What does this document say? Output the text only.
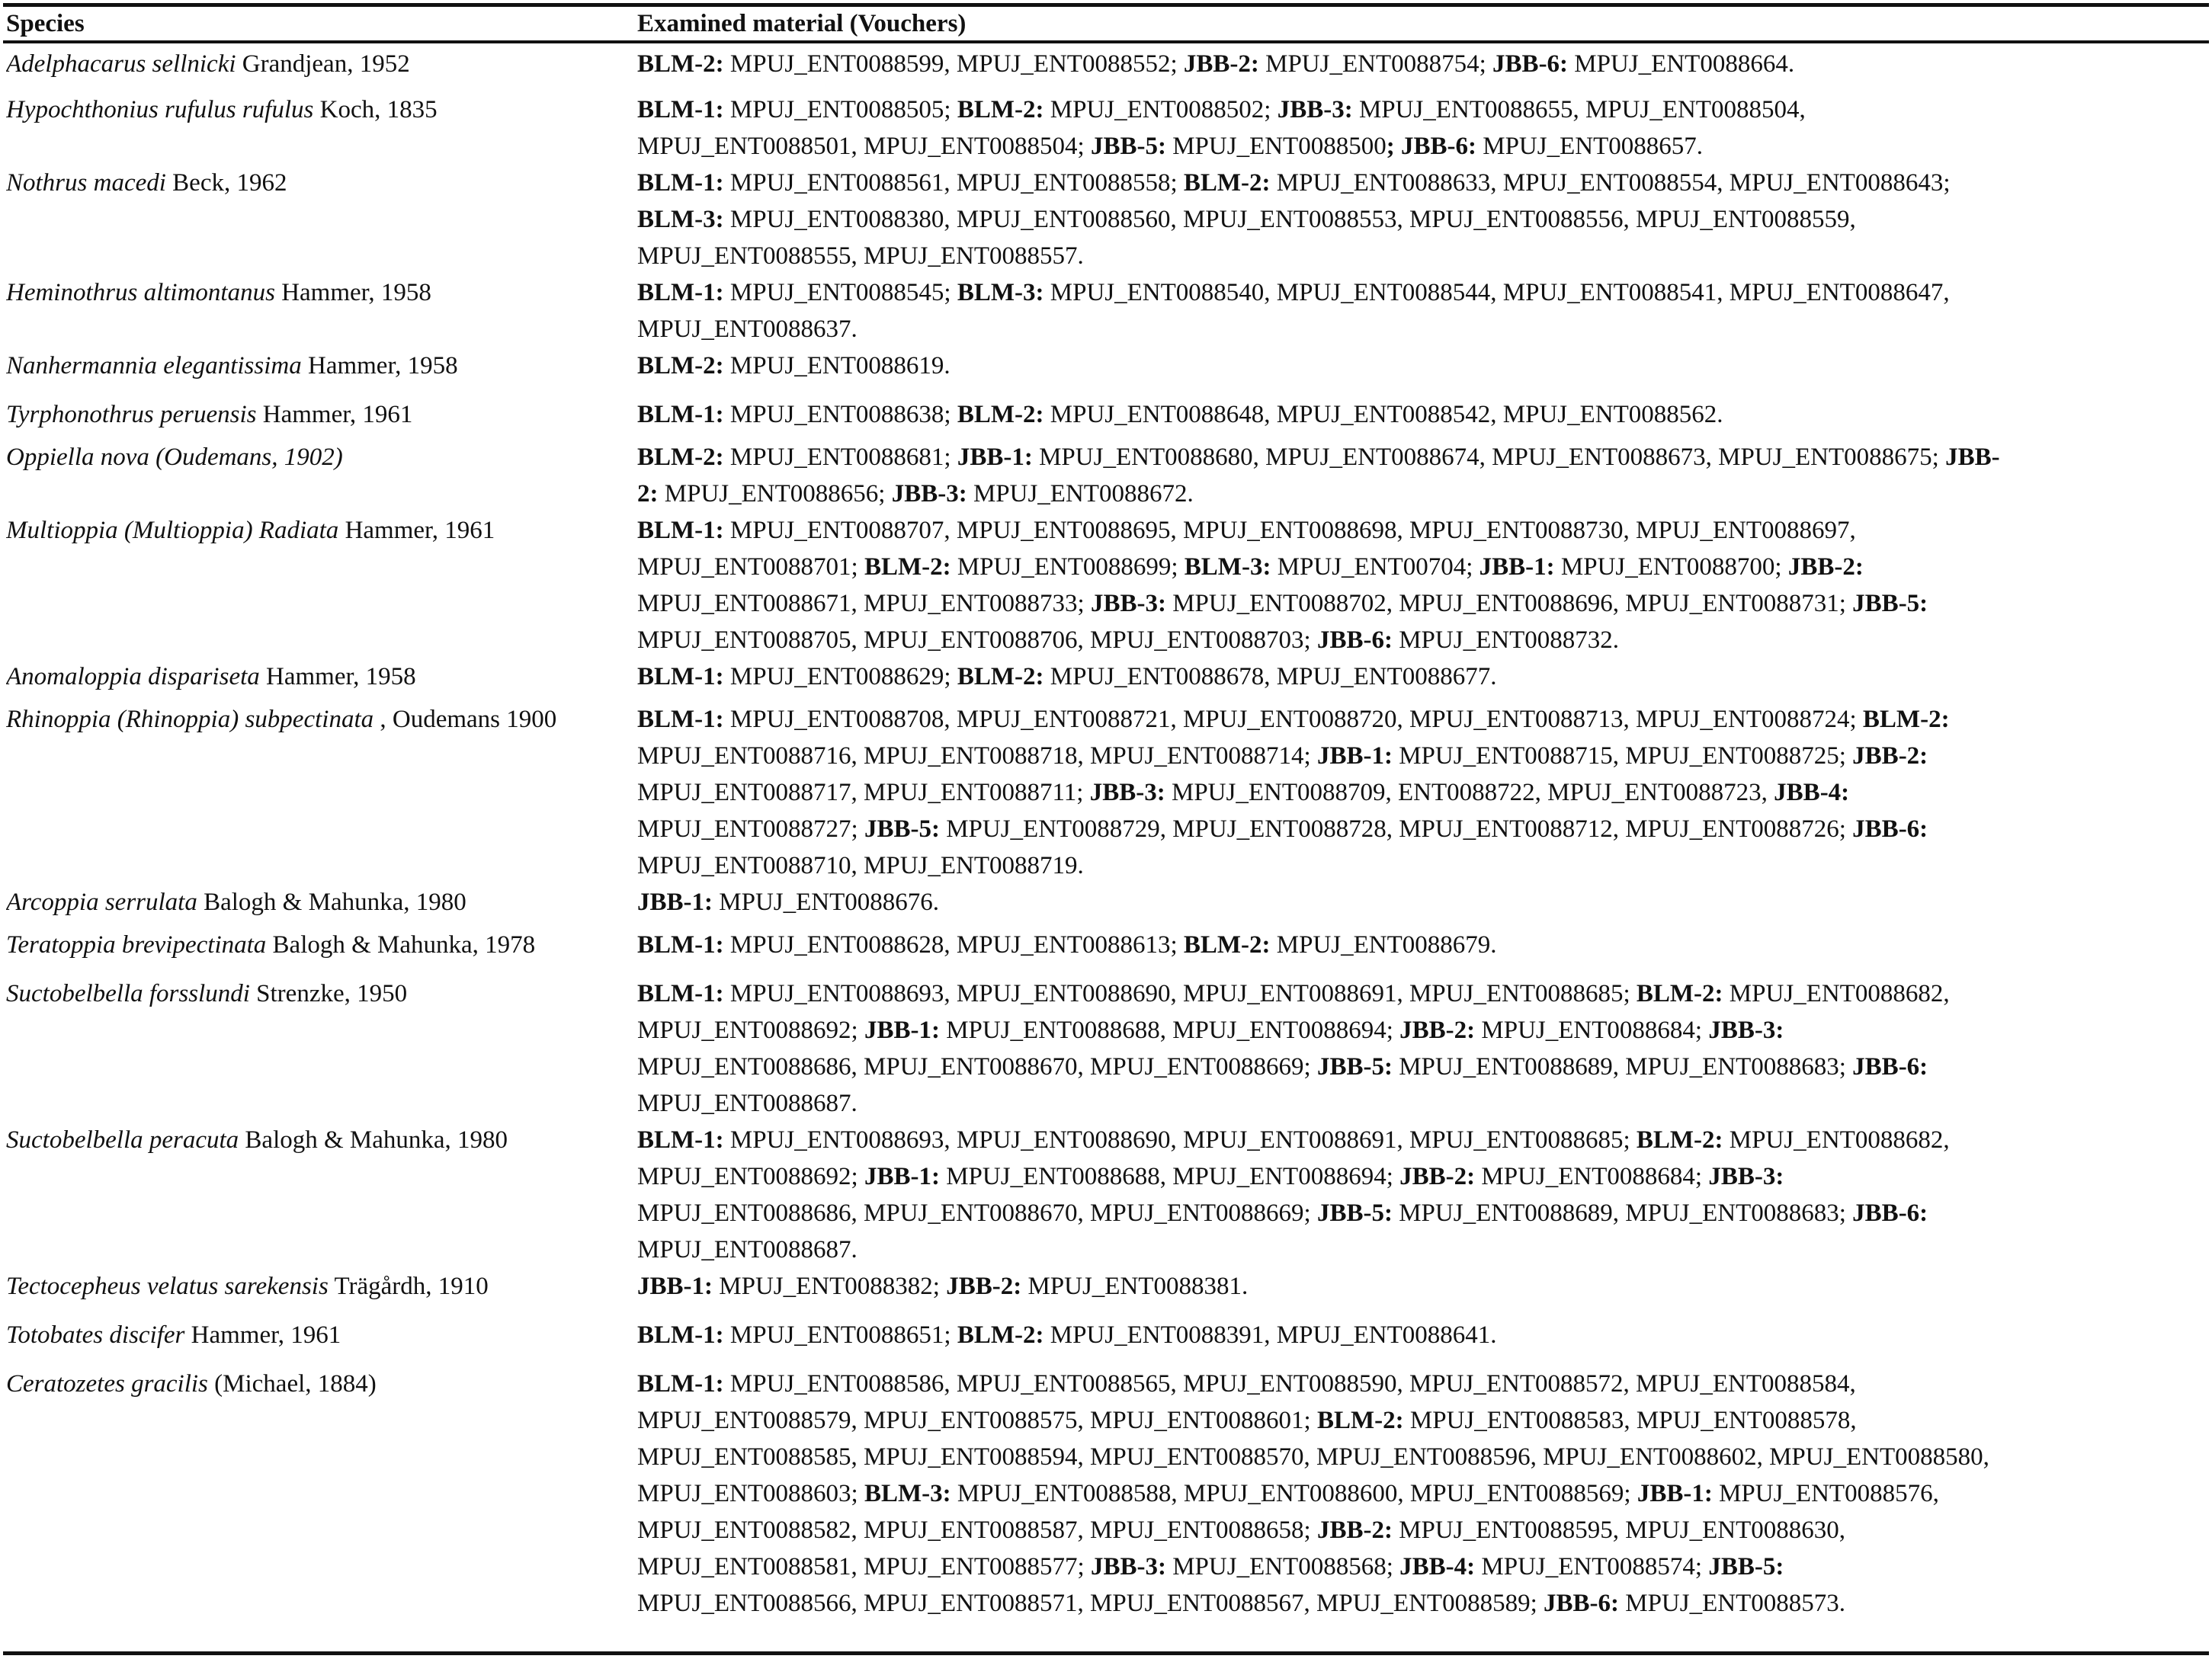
Species	Examined material (Vouchers)
Adelphacarus sellnicki Grandjean, 1952	BLM-2: MPUJ_ENT0088599, MPUJ_ENT0088552; JBB-2: MPUJ_ENT0088754; JBB-6: MPUJ_ENT0088664.
Hypochthonius rufulus rufulus Koch, 1835	BLM-1: MPUJ_ENT0088505; BLM-2: MPUJ_ENT0088502; JBB-3: MPUJ_ENT0088655, MPUJ_ENT0088504,
MPUJ_ENT0088501, MPUJ_ENT0088504; JBB-5: MPUJ_ENT0088500; JBB-6: MPUJ_ENT0088657.
Nothrus macedi Beck, 1962	BLM-1: MPUJ_ENT0088561, MPUJ_ENT0088558; BLM-2: MPUJ_ENT0088633, MPUJ_ENT0088554, MPUJ_ENT0088643;
BLM-3: MPUJ_ENT0088380, MPUJ_ENT0088560, MPUJ_ENT0088553, MPUJ_ENT0088556, MPUJ_ENT0088559,
MPUJ_ENT0088555, MPUJ_ENT0088557.
Heminothrus altimontanus Hammer, 1958	BLM-1: MPUJ_ENT0088545; BLM-3: MPUJ_ENT0088540, MPUJ_ENT0088544, MPUJ_ENT0088541, MPUJ_ENT0088647,
MPUJ_ENT0088637.
Nanhermannia elegantissima Hammer, 1958	BLM-2: MPUJ_ENT0088619.
Tyrphonothrus peruensis Hammer, 1961	BLM-1: MPUJ_ENT0088638; BLM-2: MPUJ_ENT0088648, MPUJ_ENT0088542, MPUJ_ENT0088562.
Oppiella nova (Oudemans, 1902)	BLM-2: MPUJ_ENT0088681; JBB-1: MPUJ_ENT0088680, MPUJ_ENT0088674, MPUJ_ENT0088673, MPUJ_ENT0088675; JBB-
2: MPUJ_ENT0088656; JBB-3: MPUJ_ENT0088672.
Multioppia (Multioppia) Radiata Hammer, 1961	BLM-1: MPUJ_ENT0088707, MPUJ_ENT0088695, MPUJ_ENT0088698, MPUJ_ENT0088730, MPUJ_ENT0088697,
MPUJ_ENT0088701; BLM-2: MPUJ_ENT0088699; BLM-3: MPUJ_ENT00704; JBB-1: MPUJ_ENT0088700; JBB-2:
MPUJ_ENT0088671, MPUJ_ENT0088733; JBB-3: MPUJ_ENT0088702, MPUJ_ENT0088696, MPUJ_ENT0088731; JBB-5:
MPUJ_ENT0088705, MPUJ_ENT0088706, MPUJ_ENT0088703; JBB-6: MPUJ_ENT0088732.
Anomaloppia dispariseta Hammer, 1958	BLM-1: MPUJ_ENT0088629; BLM-2: MPUJ_ENT0088678, MPUJ_ENT0088677.
Rhinoppia (Rhinoppia) subpectinata , Oudemans 1900	BLM-1: MPUJ_ENT0088708, MPUJ_ENT0088721, MPUJ_ENT0088720, MPUJ_ENT0088713, MPUJ_ENT0088724; BLM-2:
MPUJ_ENT0088716, MPUJ_ENT0088718, MPUJ_ENT0088714; JBB-1: MPUJ_ENT0088715, MPUJ_ENT0088725; JBB-2:
MPUJ_ENT0088717, MPUJ_ENT0088711; JBB-3: MPUJ_ENT0088709, ENT0088722, MPUJ_ENT0088723, JBB-4:
MPUJ_ENT0088727; JBB-5: MPUJ_ENT0088729, MPUJ_ENT0088728, MPUJ_ENT0088712, MPUJ_ENT0088726; JBB-6:
MPUJ_ENT0088710, MPUJ_ENT0088719.
Arcoppia serrulata Balogh & Mahunka, 1980	JBB-1: MPUJ_ENT0088676.
Teratoppia brevipectinata Balogh & Mahunka, 1978	BLM-1: MPUJ_ENT0088628, MPUJ_ENT0088613; BLM-2: MPUJ_ENT0088679.
Suctobelbella forsslundi Strenzke, 1950	BLM-1: MPUJ_ENT0088693, MPUJ_ENT0088690, MPUJ_ENT0088691, MPUJ_ENT0088685; BLM-2: MPUJ_ENT0088682,
MPUJ_ENT0088692; JBB-1: MPUJ_ENT0088688, MPUJ_ENT0088694; JBB-2: MPUJ_ENT0088684; JBB-3:
MPUJ_ENT0088686, MPUJ_ENT0088670, MPUJ_ENT0088669; JBB-5: MPUJ_ENT0088689, MPUJ_ENT0088683; JBB-6:
MPUJ_ENT0088687.
Suctobelbella peracuta Balogh & Mahunka, 1980	BLM-1: MPUJ_ENT0088693, MPUJ_ENT0088690, MPUJ_ENT0088691, MPUJ_ENT0088685; BLM-2: MPUJ_ENT0088682,
MPUJ_ENT0088692; JBB-1: MPUJ_ENT0088688, MPUJ_ENT0088694; JBB-2: MPUJ_ENT0088684; JBB-3:
MPUJ_ENT0088686, MPUJ_ENT0088670, MPUJ_ENT0088669; JBB-5: MPUJ_ENT0088689, MPUJ_ENT0088683; JBB-6:
MPUJ_ENT0088687.
Tectocepheus velatus sarekensis Trägårdh, 1910	JBB-1: MPUJ_ENT0088382; JBB-2: MPUJ_ENT0088381.
Totobates discifer Hammer, 1961	BLM-1: MPUJ_ENT0088651; BLM-2: MPUJ_ENT0088391, MPUJ_ENT0088641.
Ceratozetes gracilis (Michael, 1884)	BLM-1: MPUJ_ENT0088586, MPUJ_ENT0088565, MPUJ_ENT0088590, MPUJ_ENT0088572, MPUJ_ENT0088584,
MPUJ_ENT0088579, MPUJ_ENT0088575, MPUJ_ENT0088601; BLM-2: MPUJ_ENT0088583, MPUJ_ENT0088578,
MPUJ_ENT0088585, MPUJ_ENT0088594, MPUJ_ENT0088570, MPUJ_ENT0088596, MPUJ_ENT0088602, MPUJ_ENT0088580,
MPUJ_ENT0088603; BLM-3: MPUJ_ENT0088588, MPUJ_ENT0088600, MPUJ_ENT0088569; JBB-1: MPUJ_ENT0088576,
MPUJ_ENT0088582, MPUJ_ENT0088587, MPUJ_ENT0088658; JBB-2: MPUJ_ENT0088595, MPUJ_ENT0088630,
MPUJ_ENT0088581, MPUJ_ENT0088577; JBB-3: MPUJ_ENT0088568; JBB-4: MPUJ_ENT0088574; JBB-5:
MPUJ_ENT0088566, MPUJ_ENT0088571, MPUJ_ENT0088567, MPUJ_ENT0088589; JBB-6: MPUJ_ENT0088573.
